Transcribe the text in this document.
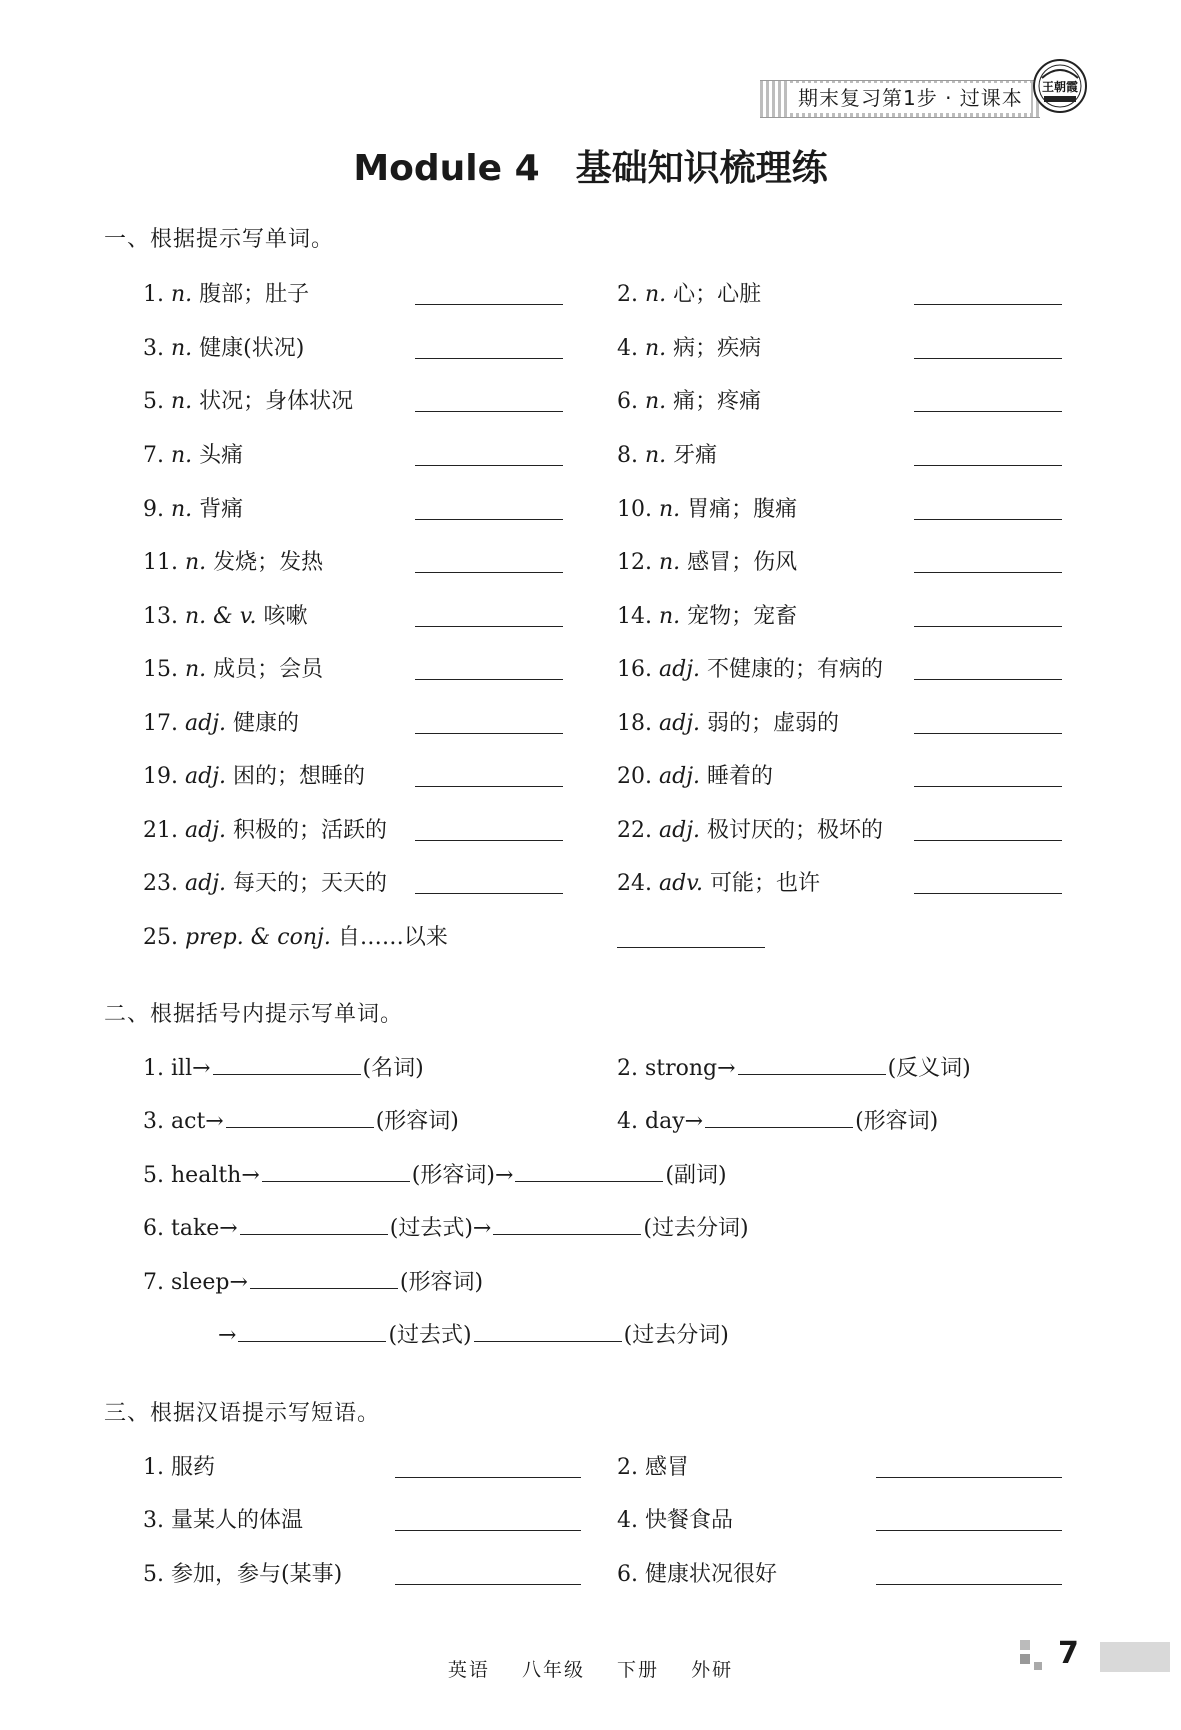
期末复习第1步 · 过课本	王朝霞
Module 4　基础知识梳理练
一、根据提示写单词。
1. n. 腹部；肚子	2. n. 心；心脏
3. n. 健康(状况)	4. n. 病；疾病
5. n. 状况；身体状况	6. n. 痛；疼痛
7. n. 头痛	8. n. 牙痛
9. n. 背痛	10. n. 胃痛；腹痛
11. n. 发烧；发热	12. n. 感冒；伤风
13. n. & v. 咳嗽	14. n. 宠物；宠畜
15. n. 成员；会员	16. adj. 不健康的；有病的
17. adj. 健康的	18. adj. 弱的；虚弱的
19. adj. 困的；想睡的	20. adj. 睡着的
21. adj. 积极的；活跃的	22. adj. 极讨厌的；极坏的
23. adj. 每天的；天天的	24. adv. 可能；也许
25. prep. & conj. 自……以来
二、根据括号内提示写单词。
1. ill→	(名词)	2. strong→	(反义词)
3. act→	(形容词)	4. day→	(形容词)
5. health→	(形容词)→	(副词)
6. take→	(过去式)→	(过去分词)
7. sleep→	(形容词)
→	(过去式)	(过去分词)
三、根据汉语提示写短语。
1. 服药	2. 感冒
3. 量某人的体温	4. 快餐食品
5. 参加，参与(某事)	6. 健康状况很好
英语 八年级 下册 外研	7
